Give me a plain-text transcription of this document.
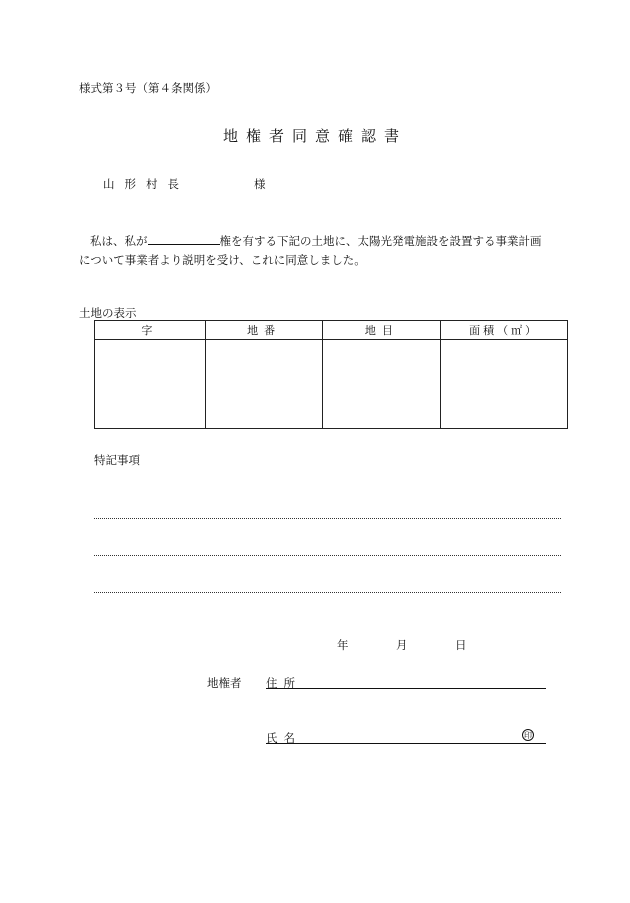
様式第３号（第４条関係）
地権者同意確認書
山形村長	様
私は、私が	権を有する下記の土地に、太陽光発電施設を設置する事業計画
について事業者より説明を受け、これに同意しました。
土地の表示
字	地番	地目	面積（㎡）

特記事項
年	月	日
地権者 住所
氏名	印
